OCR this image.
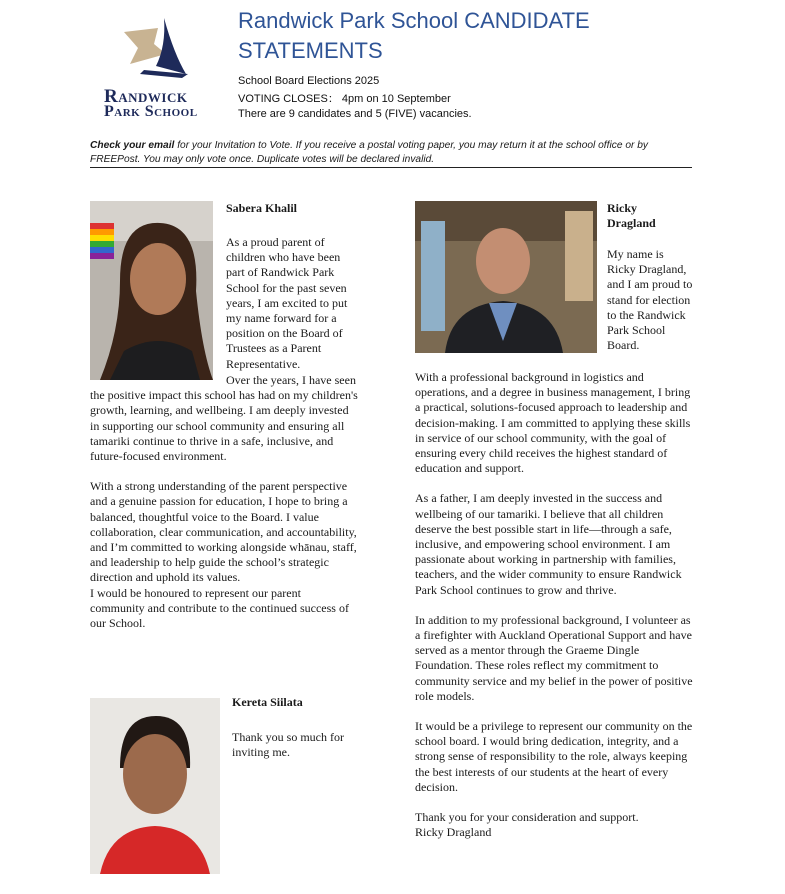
Randwick
Park School
Randwick Park School CANDIDATE STATEMENTS
School Board Elections 2025
VOTING CLOSES： 4pm on 10 September
There are 9 candidates and 5 (FIVE) vacancies.
Check your email for your Invitation to Vote. If you receive a postal voting paper, you may return it at the school office or by FREEPost. You may only vote once. Duplicate votes will be declared invalid.
Sabera Khalil
As a proud parent of children who have been part of Randwick Park School for the past seven years, I am excited to put my name forward for a position on the Board of Trustees as a Parent Representative.

Over the years, I have seen the positive impact this school has had on my children's growth, learning, and wellbeing. I am deeply invested in supporting our school community and ensuring all tamariki continue to thrive in a safe, inclusive, and future-focused environment.

With a strong understanding of the parent perspective and a genuine passion for education, I hope to bring a balanced, thoughtful voice to the Board. I value collaboration, clear communication, and accountability, and I’m committed to working alongside whānau, staff, and leadership to help guide the school’s strategic direction and uphold its values.

I would be honoured to represent our parent community and contribute to the continued success of our School.

Kereta Siilata
Thank you so much for inviting me.
Ricky Dragland
My name is Ricky Dragland, and I am proud to stand for election to the Randwick Park School Board.

With a professional background in logistics and operations, and a degree in business management, I bring a practical, solutions-focused approach to leadership and decision-making. I am committed to applying these skills in service of our school community, with the goal of ensuring every child receives the highest standard of education and support.

As a father, I am deeply invested in the success and wellbeing of our tamariki. I believe that all children deserve the best possible start in life—through a safe, inclusive, and empowering school environment. I am passionate about working in partnership with families, teachers, and the wider community to ensure Randwick Park School continues to grow and thrive.

In addition to my professional background, I volunteer as a firefighter with Auckland Operational Support and have served as a mentor through the Graeme Dingle Foundation. These roles reflect my commitment to community service and my belief in the power of positive role models.

It would be a privilege to represent our community on the school board. I would bring dedication, integrity, and a strong sense of responsibility to the role, always keeping the best interests of our students at the heart of every decision.

Thank you for your consideration and support.

Ricky Dragland
